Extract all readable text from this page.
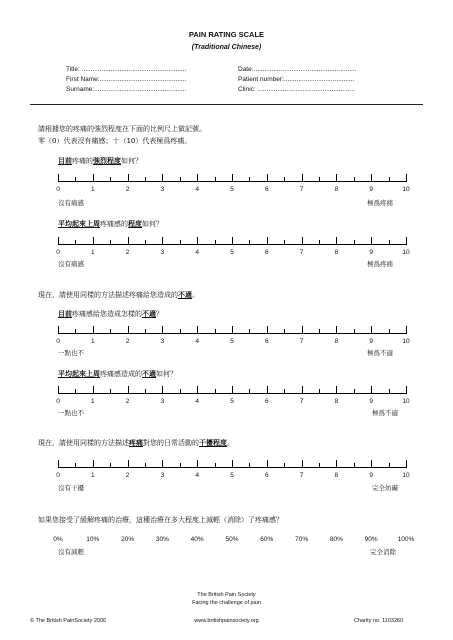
PAIN RATING SCALE
(Traditional Chinese)
Title: ..........................................................
First Name:................................................
Surname:...................................................
Date:.........................................................
Patient number:.......................................
Clinic: ......................................................
請根據您的疼痛的強烈程度在下面的比例尺上做記號。
零（0）代表沒有痛感；十（10）代表極爲疼痛。
目前疼痛的強烈程度如何？
0	1	2	3	4	5	6	7	8	9	10
沒有痛感	極爲疼痛
平均起來上周疼痛感的程度如何？
0	1	2	3	4	5	6	7	8	9	10
沒有痛感	極爲疼痛
現在，請使用同樣的方法描述疼痛給您造成的不適。
目前疼痛感給您造成怎樣的不適？
0	1	2	3	4	5	6	7	8	9	10
一點也不	極爲不適
平均起來上周疼痛感造成的不適如何？
0	1	2	3	4	5	6	7	8	9	10
一點也不	極爲不適
現在，請使用同樣的方法描述疼痛對您的日常活動的干擾程度。
0	1	2	3	4	5	6	7	8	9	10
沒有干擾	完全妨礙
如果您接受了緩解疼痛的治療，這種治療在多大程度上減輕（消除）了疼痛感？
0%	10%	20%	30%	40%	50%	60%	70%	80%	90%	100%
沒有減輕	完全消除
The British Pain Society
Facing the challenge of pain
© The British PainSociety 2006	www.britishpainsociety.org	Charity no. 1103260
